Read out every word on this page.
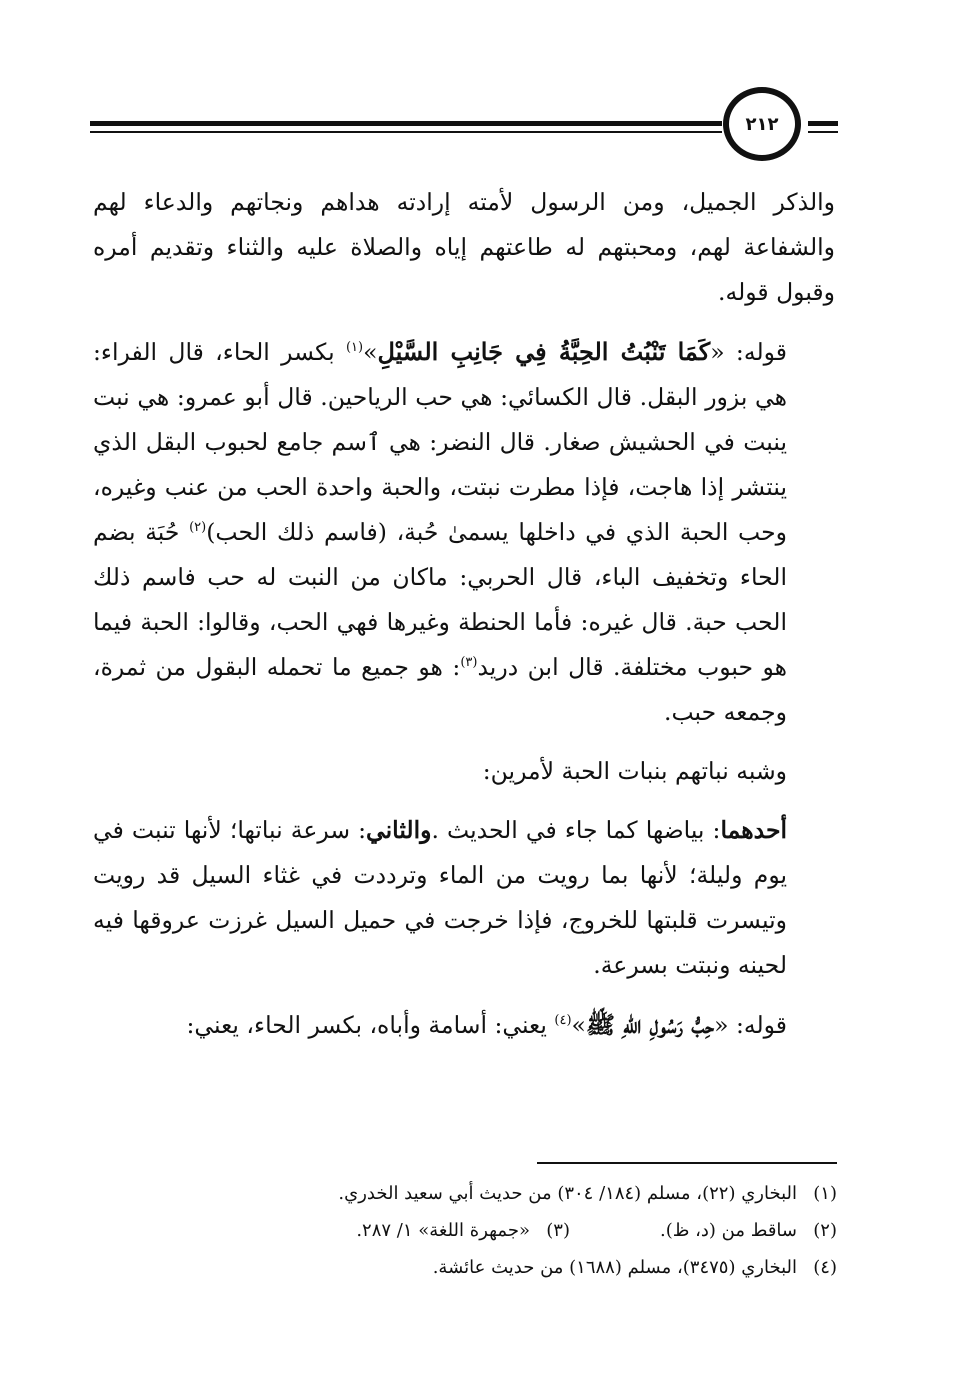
٢١٢

والذكر الجميل، ومن الرسول لأمته إرادته هداهم ونجاتهم والدعاء لهم والشفاعة لهم، ومحبتهم له طاعتهم إياه والصلاة عليه والثناء وتقديم أمره وقبول قوله.

قوله: «كَمَا تَنْبُتُ الحِبَّةُ فِي جَانِبِ السَّيْلِ»$^{(١)}$ بكسر الحاء، قال الفراء: هي بزور البقل. قال الكسائي: هي حب الرياحين. قال أبو عمرو: هي نبت ينبت في الحشيش صغار. قال النضر: هي ٱسم جامع لحبوب البقل الذي ينتشر إذا هاجت، فإذا مطرت نبتت، والحبة واحدة الحب من عنب وغيره، وحب الحبة الذي في داخلها يسمىٰ حُبة، (فاسم ذلك الحب)$^{(٢)}$ حُبَة بضم الحاء وتخفيف الباء، قال الحربي: ماكان من النبت له حب فاسم ذلك الحب حبة. قال غيره: فأما الحنطة وغيرها فهي الحب، وقالوا: الحبة فيما هو حبوب مختلفة. قال ابن دريد$^{(٣)}$: هو جميع ما تحمله البقول من ثمرة، وجمعه حبب.

وشبه نباتهم بنبات الحبة لأمرين:

أحدهما: بياضها كما جاء في الحديث .والثاني: سرعة نباتها؛ لأنها تنبت في يوم وليلة؛ لأنها بما رويت من الماء وترددت في غثاء السيل قد رويت وتيسرت قلبتها للخروج، فإذا خرجت في حميل السيل غرزت عروقها فيه لحينه ونبتت بسرعة.

قوله: «حِبُّ رَسُولِ اللهِ ﷺ»$^{(٤)}$ يعني: أسامة وأباه، بكسر الحاء، يعني:

(١)البخاري (٢٢)، مسلم (١٨٤/ ٣٠٤) من حديث أبي سعيد الخدري.
(٢)ساقط من (د، ظ).
(٣)«جمهرة اللغة» ١/ ٢٨٧.
(٤)البخاري (٣٤٧٥)، مسلم (١٦٨٨) من حديث عائشة.
